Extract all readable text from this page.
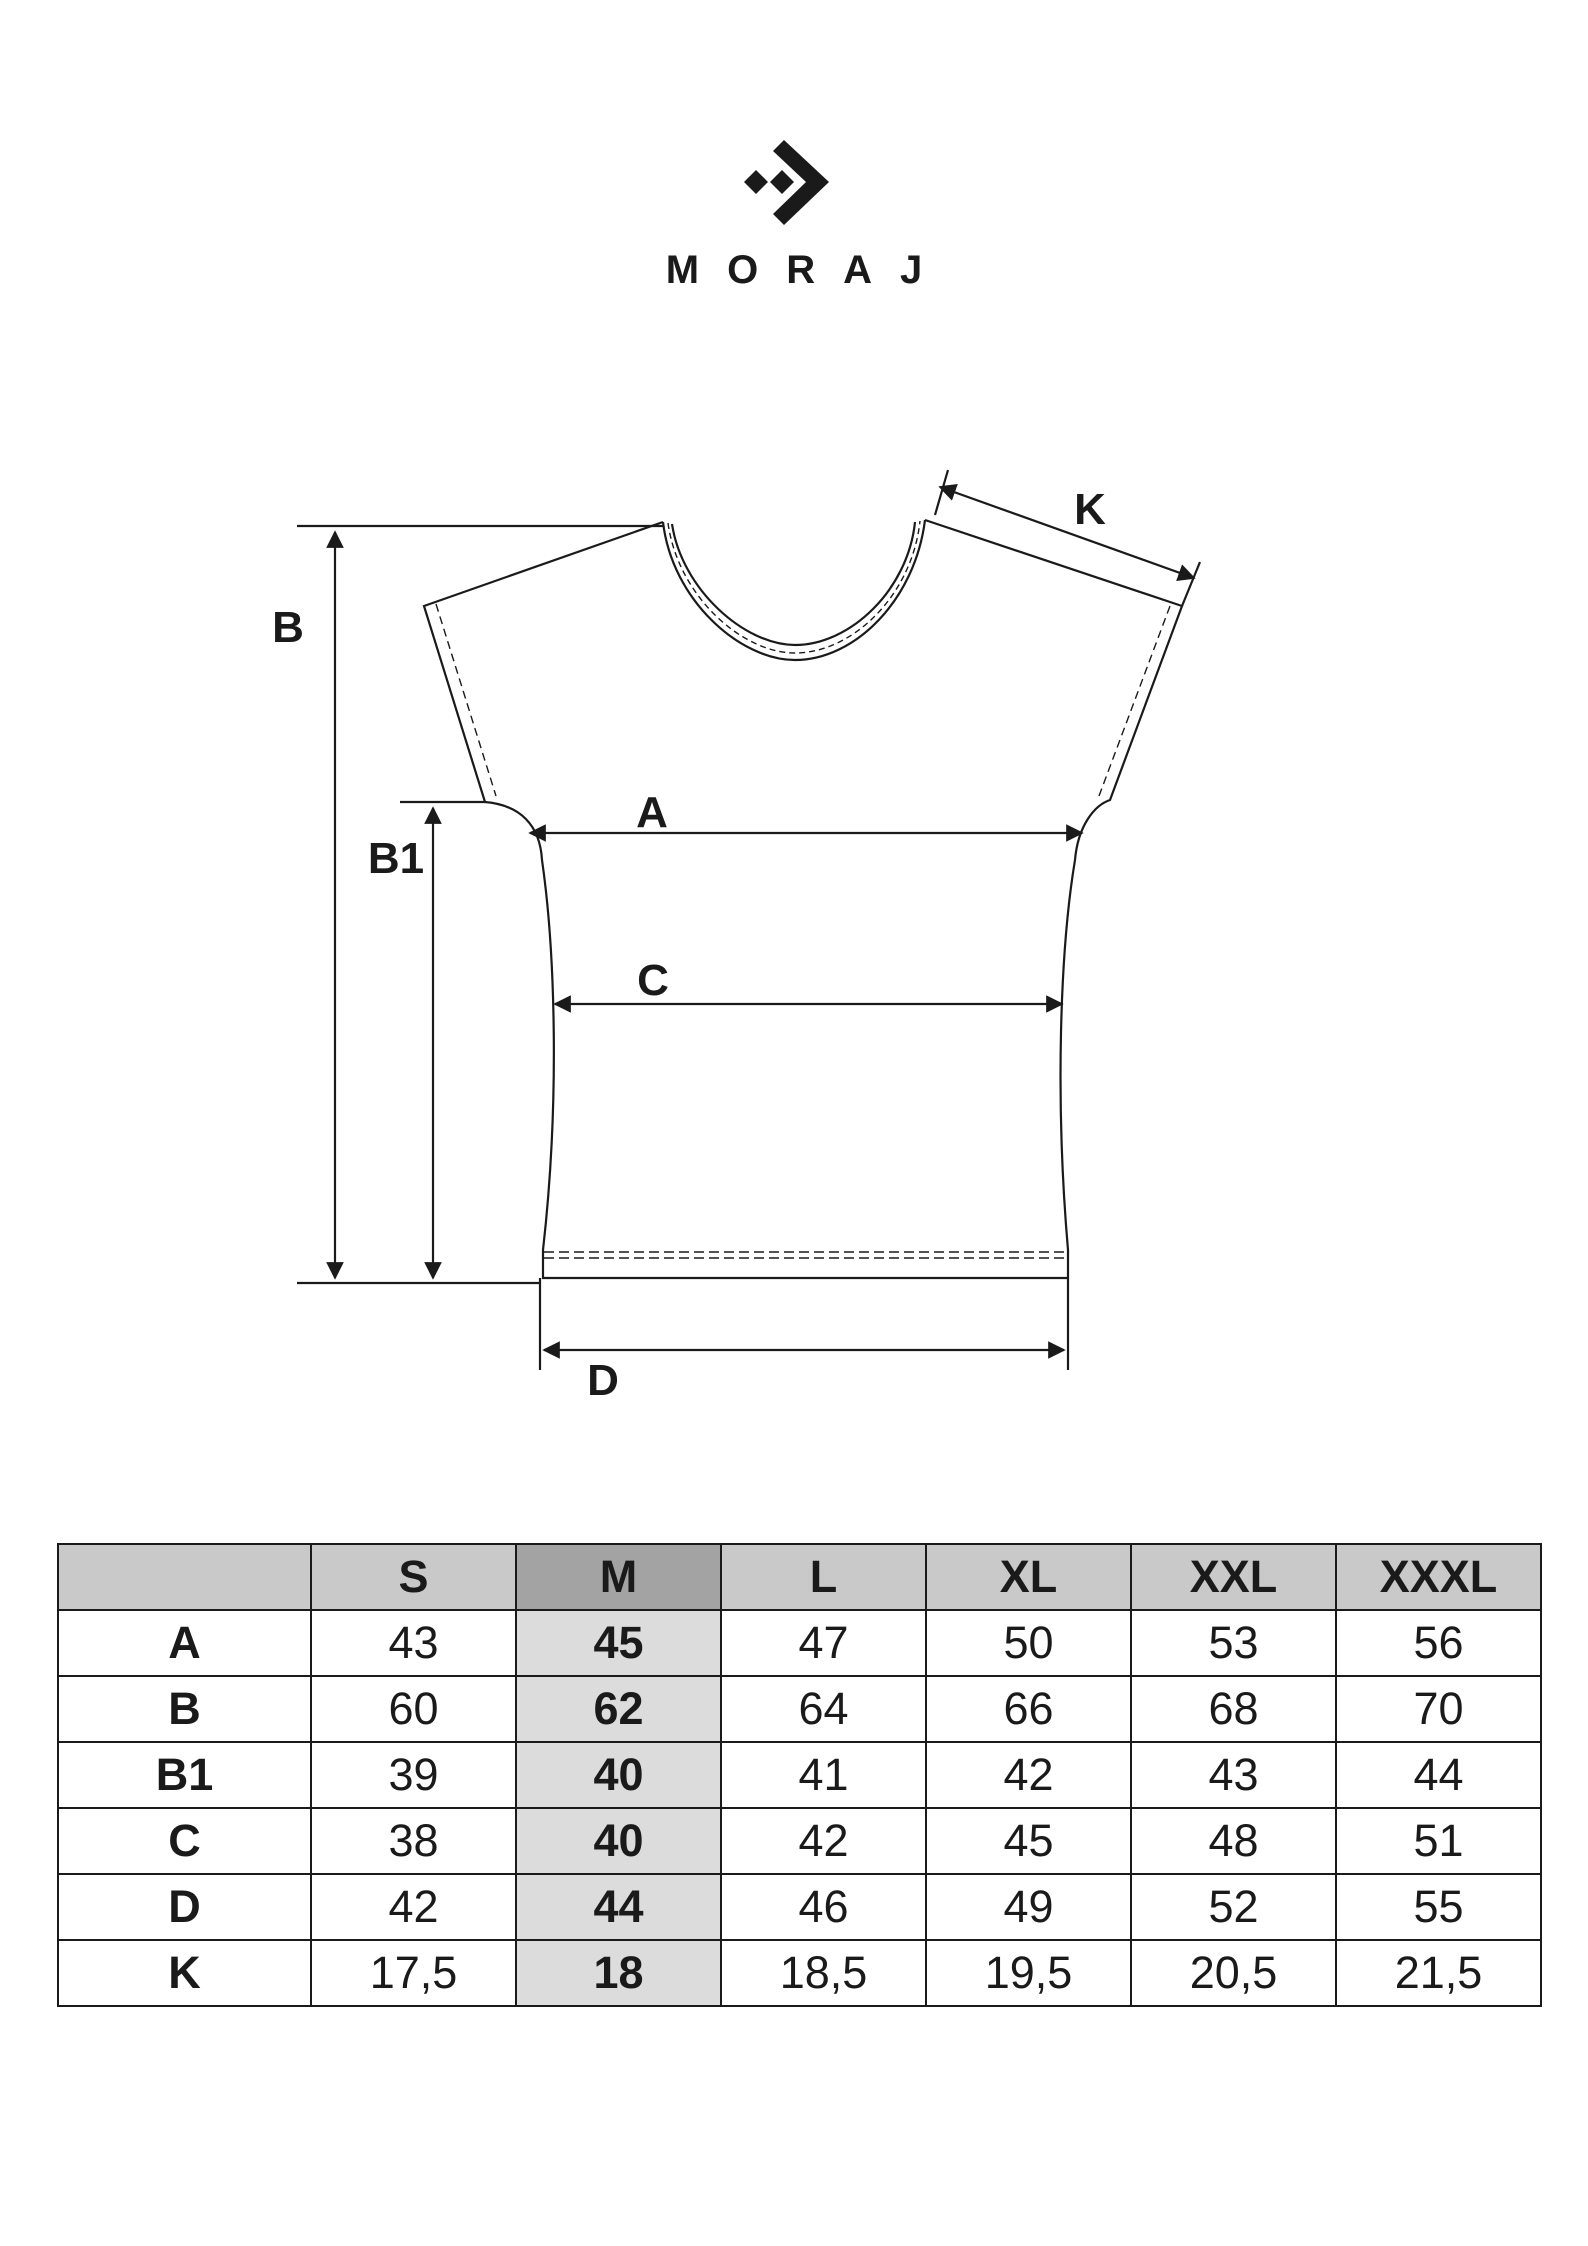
MORAJ
B
B1
A
C
D
K
	S	M	L	XL	XXL	XXXL
A	43	45	47	50	53	56
B	60	62	64	66	68	70
B1	39	40	41	42	43	44
C	38	40	42	45	48	51
D	42	44	46	49	52	55
K	17,5	18	18,5	19,5	20,5	21,5
